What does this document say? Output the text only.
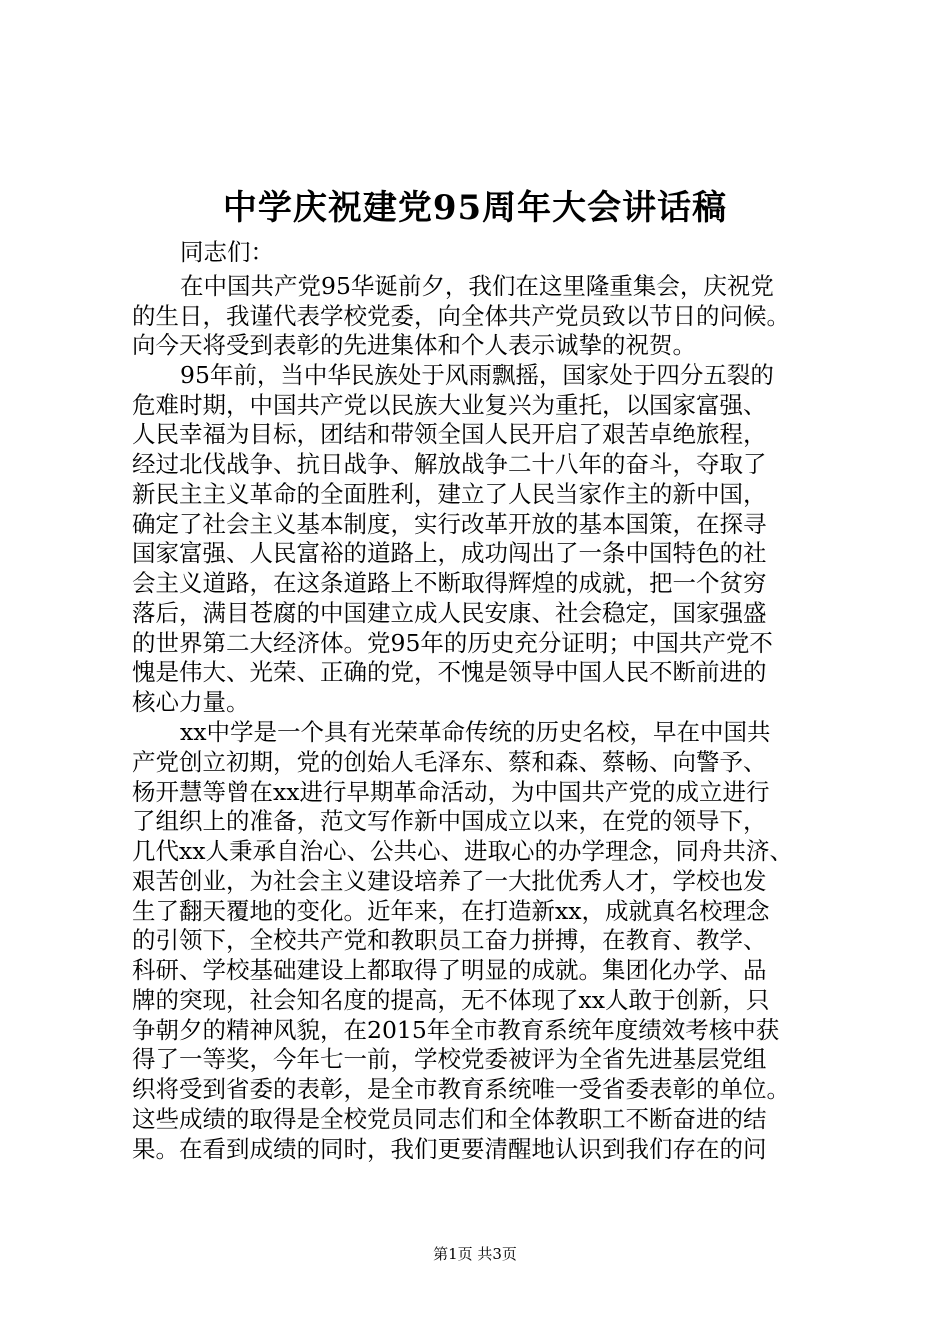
中学庆祝建党95周年大会讲话稿
同志们：
在中国共产党95华诞前夕，我们在这里隆重集会，庆祝党
的生日，我谨代表学校党委，向全体共产党员致以节日的问候。
向今天将受到表彰的先进集体和个人表示诚挚的祝贺。
95年前，当中华民族处于风雨飘摇，国家处于四分五裂的
危难时期，中国共产党以民族大业复兴为重托，以国家富强、
人民幸福为目标，团结和带领全国人民开启了艰苦卓绝旅程，
经过北伐战争、抗日战争、解放战争二十八年的奋斗，夺取了
新民主主义革命的全面胜利，建立了人民当家作主的新中国，
确定了社会主义基本制度，实行改革开放的基本国策，在探寻
国家富强、人民富裕的道路上，成功闯出了一条中国特色的社
会主义道路，在这条道路上不断取得辉煌的成就，把一个贫穷
落后，满目苍腐的中国建立成人民安康、社会稳定，国家强盛
的世界第二大经济体。党95年的历史充分证明；中国共产党不
愧是伟大、光荣、正确的党，不愧是领导中国人民不断前进的
核心力量。
xx中学是一个具有光荣革命传统的历史名校，早在中国共
产党创立初期，党的创始人毛泽东、蔡和森、蔡畅、向警予、
杨开慧等曾在xx进行早期革命活动，为中国共产党的成立进行
了组织上的准备，范文写作新中国成立以来，在党的领导下，
几代xx人秉承自治心、公共心、进取心的办学理念，同舟共济、
艰苦创业，为社会主义建设培养了一大批优秀人才，学校也发
生了翻天覆地的变化。近年来，在打造新xx，成就真名校理念
的引领下，全校共产党和教职员工奋力拼搏，在教育、教学、
科研、学校基础建设上都取得了明显的成就。集团化办学、品
牌的突现，社会知名度的提高，无不体现了xx人敢于创新，只
争朝夕的精神风貌，在2015年全市教育系统年度绩效考核中获
得了一等奖，今年七一前，学校党委被评为全省先进基层党组
织将受到省委的表彰，是全市教育系统唯一受省委表彰的单位。
这些成绩的取得是全校党员同志们和全体教职工不断奋进的结
果。在看到成绩的同时，我们更要清醒地认识到我们存在的问
第1页 共3页
